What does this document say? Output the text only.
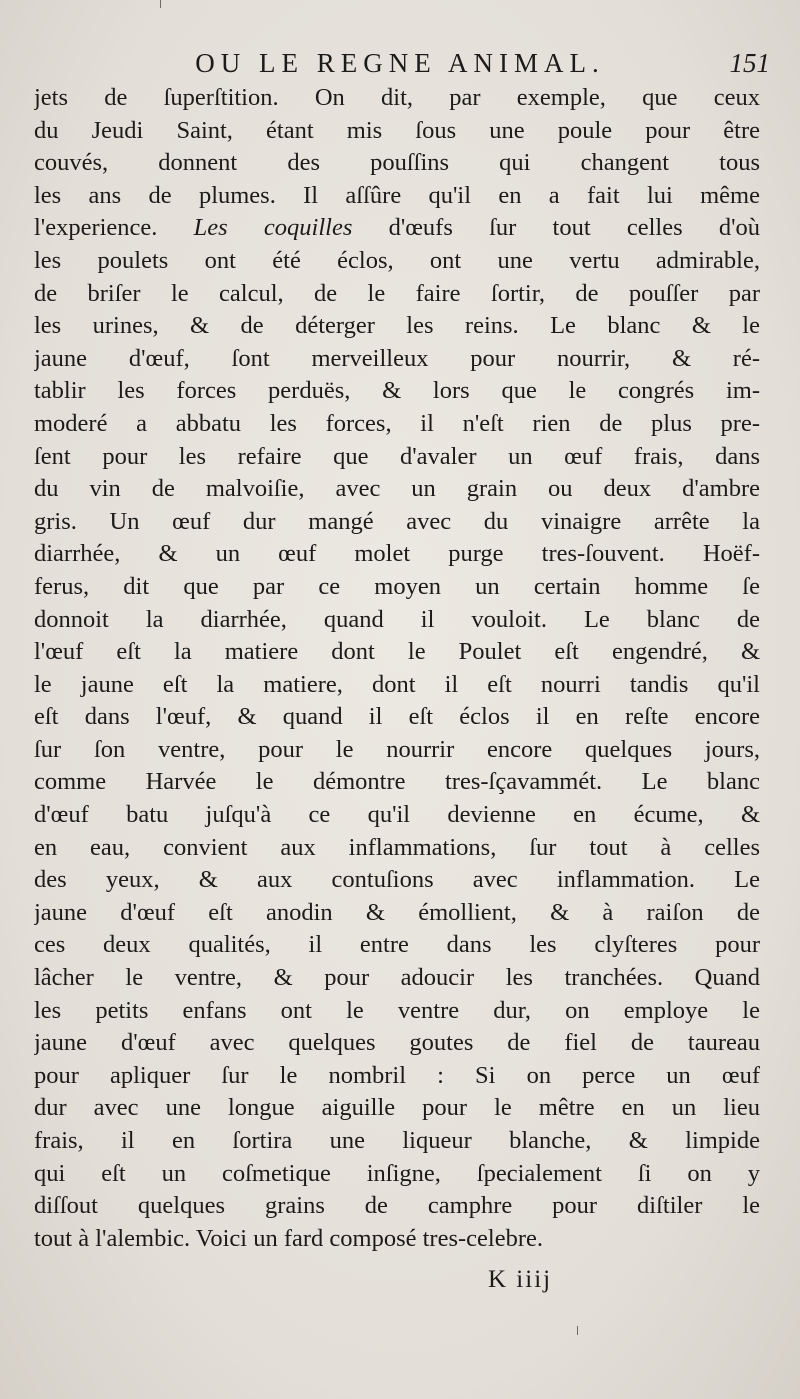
OU LE REGNE ANIMAL.	151
jets de ſuperſtition. On dit, par exemple, que ceux
du Jeudi Saint, étant mis ſous une poule pour être
couvés, donnent des pouſſins qui changent tous
les ans de plumes. Il aſſûre qu'il en a fait lui même
l'experience. Les coquilles d'œufs ſur tout celles d'où
les poulets ont été éclos, ont une vertu admirable,
de briſer le calcul, de le faire ſortir, de pouſſer par
les urines, & de déterger les reins. Le blanc & le
jaune d'œuf, ſont merveilleux pour nourrir, & ré-
tablir les forces perduës, & lors que le congrés im-
moderé a abbatu les forces, il n'eſt rien de plus pre-
ſent pour les refaire que d'avaler un œuf frais, dans
du vin de malvoiſie, avec un grain ou deux d'ambre
gris. Un œuf dur mangé avec du vinaigre arrête la
diarrhée, & un œuf molet purge tres-ſouvent. Hoëf-
ferus, dit que par ce moyen un certain homme ſe
donnoit la diarrhée, quand il vouloit. Le blanc de
l'œuf eſt la matiere dont le Poulet eſt engendré, &
le jaune eſt la matiere, dont il eſt nourri tandis qu'il
eſt dans l'œuf, & quand il eſt éclos il en reſte encore
ſur ſon ventre, pour le nourrir encore quelques jours,
comme Harvée le démontre tres-ſçavammét. Le blanc
d'œuf batu juſqu'à ce qu'il devienne en écume, &
en eau, convient aux inflammations, ſur tout à celles
des yeux, & aux contuſions avec inflammation. Le
jaune d'œuf eſt anodin & émollient, & à raiſon de
ces deux qualités, il entre dans les clyſteres pour
lâcher le ventre, & pour adoucir les tranchées. Quand
les petits enfans ont le ventre dur, on employe le
jaune d'œuf avec quelques goutes de fiel de taureau
pour apliquer ſur le nombril : Si on perce un œuf
dur avec une longue aiguille pour le mêtre en un lieu
frais, il en ſortira une liqueur blanche, & limpide
qui eſt un coſmetique inſigne, ſpecialement ſi on y
diſſout quelques grains de camphre pour diſtiler le
tout à l'alembic. Voici un fard composé tres-celebre.
K iiij
